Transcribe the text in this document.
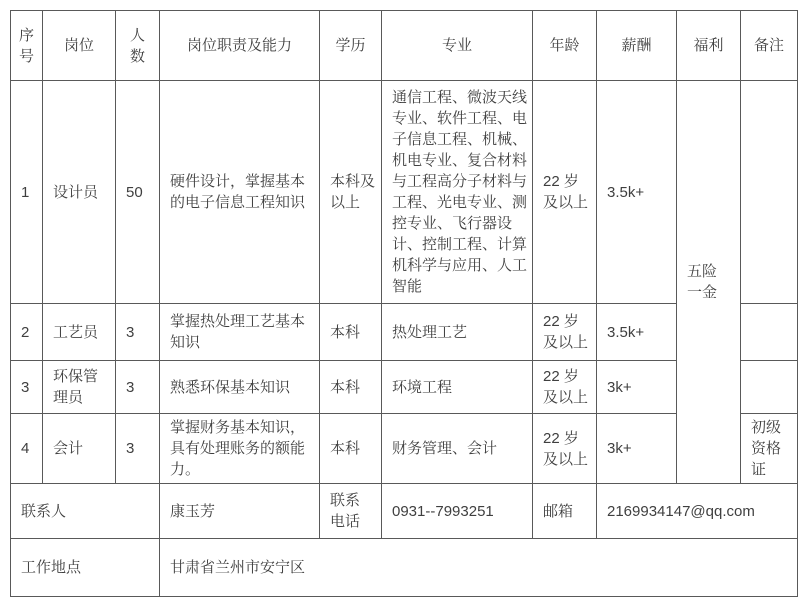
序号	岗位	人数	岗位职责及能力	学历	专业	年龄	薪酬	福利	备注
1	设计员	50	硬件设计，掌握基本的电子信息工程知识	本科及以上	通信工程、微波天线专业、软件工程、电子信息工程、机械、机电专业、复合材料与工程高分子材料与工程、光电专业、测控专业、飞行器设计、控制工程、计算机科学与应用、人工智能	22 岁及以上	3.5k+	五险一金	

2	工艺员	3	掌握热处理工艺基本知识	本科	热处理工艺	22 岁及以上	3.5k+		
3	环保管理员	3	熟悉环保基本知识	本科	环境工程	22 岁及以上	3k+		
4	会计	3	掌握财务基本知识，具有处理账务的额能力。	本科	财务管理、会计	22 岁及以上	3k+		初级资格证
联系人			康玉芳	联系电话	0931--7993251	邮箱	2169934147@qq.com		
工作地点			甘肃省兰州市安宁区						
